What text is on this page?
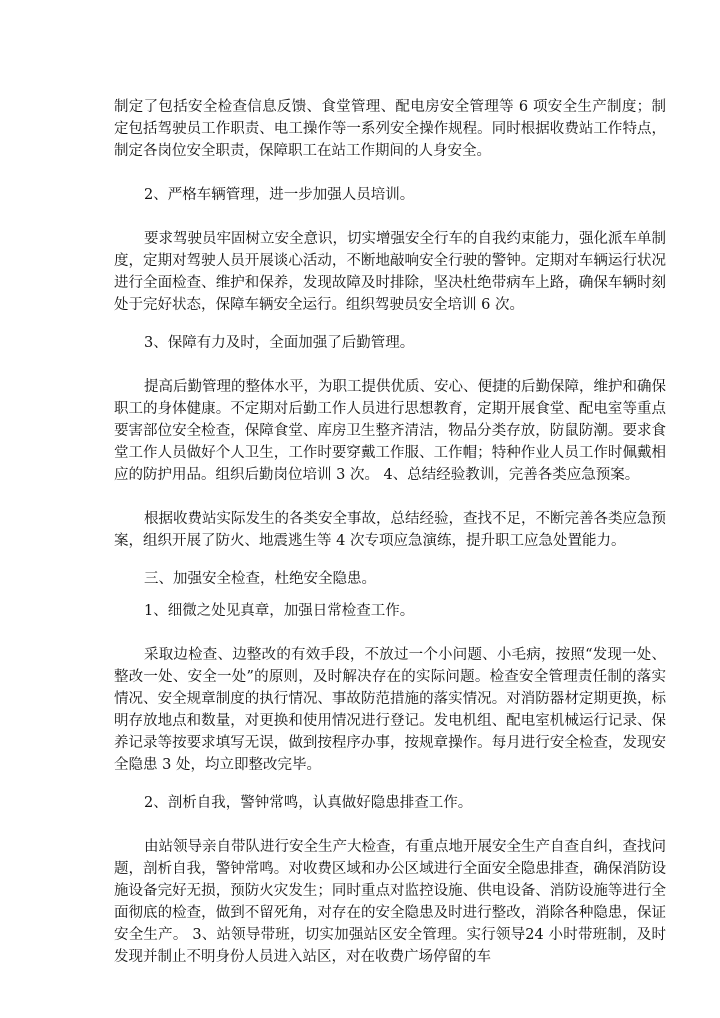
制定了包括安全检查信息反馈、食堂管理、配电房安全管理等 6 项安全生产制度；制定包括驾驶员工作职责、电工操作等一系列安全操作规程。同时根据收费站工作特点，制定各岗位安全职责，保障职工在站工作期间的人身安全。

2、严格车辆管理，进一步加强人员培训。

要求驾驶员牢固树立安全意识，切实增强安全行车的自我约束能力，强化派车单制度，定期对驾驶人员开展谈心活动，不断地敲响安全行驶的警钟。定期对车辆运行状况进行全面检查、维护和保养，发现故障及时排除，坚决杜绝带病车上路，确保车辆时刻处于完好状态，保障车辆安全运行。组织驾驶员安全培训 6 次。

3、保障有力及时，全面加强了后勤管理。

提高后勤管理的整体水平，为职工提供优质、安心、便捷的后勤保障，维护和确保职工的身体健康。不定期对后勤工作人员进行思想教育，定期开展食堂、配电室等重点要害部位安全检查，保障食堂、库房卫生整齐清洁，物品分类存放，防鼠防潮。要求食堂工作人员做好个人卫生，工作时要穿戴工作服、工作帽；特种作业人员工作时佩戴相应的防护用品。组织后勤岗位培训 3 次。 4、总结经验教训，完善各类应急预案。

根据收费站实际发生的各类安全事故，总结经验，查找不足，不断完善各类应急预案，组织开展了防火、地震逃生等 4 次专项应急演练，提升职工应急处置能力。

三、加强安全检查，杜绝安全隐患。

1、细微之处见真章，加强日常检查工作。

采取边检查、边整改的有效手段，不放过一个小问题、小毛病，按照“发现一处、整改一处、安全一处”的原则，及时解决存在的实际问题。检查安全管理责任制的落实情况、安全规章制度的执行情况、事故防范措施的落实情况。对消防器材定期更换，标明存放地点和数量，对更换和使用情况进行登记。发电机组、配电室机械运行记录、保养记录等按要求填写无误，做到按程序办事，按规章操作。每月进行安全检查，发现安全隐患 3 处，均立即整改完毕。

2、剖析自我，警钟常鸣，认真做好隐患排查工作。

由站领导亲自带队进行安全生产大检查，有重点地开展安全生产自查自纠，查找问题，剖析自我，警钟常鸣。对收费区域和办公区域进行全面安全隐患排查，确保消防设施设备完好无损，预防火灾发生；同时重点对监控设施、供电设备、消防设施等进行全面彻底的检查，做到不留死角，对存在的安全隐患及时进行整改，消除各种隐患，保证安全生产。 3、站领导带班，切实加强站区安全管理。实行领导24 小时带班制，及时发现并制止不明身份人员进入站区，对在收费广场停留的车
